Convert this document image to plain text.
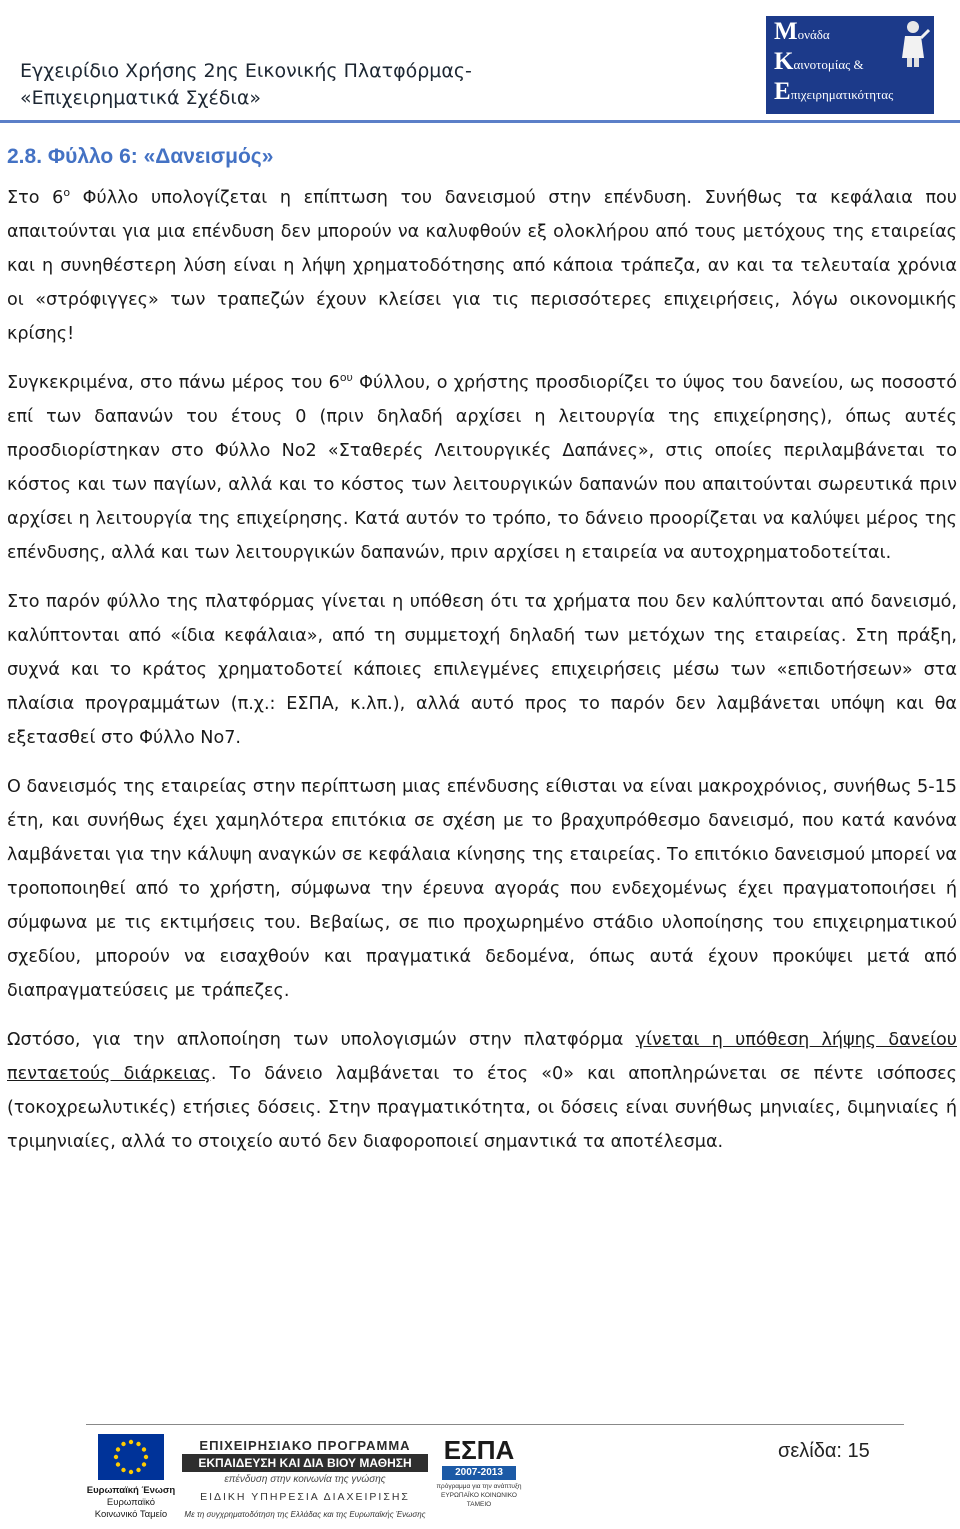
Εγχειρίδιο Χρήσης 2ης Εικονικής Πλατφόρμας-
«Επιχειρηματικά Σχέδια»
Mονάδα
Kαινοτομίας &
Eπιχειρηματικότητας
2.8. Φύλλο 6: «Δανεισμός»

Στο $6^o$ Φύλλο υπολογίζεται η επίπτωση του δανεισμού στην επένδυση. Συνήθως τα κεφάλαια που απαιτούνται για μια επένδυση δεν μπορούν να καλυφθούν εξ ολοκλήρου από τους μετόχους της εταιρείας και η συνηθέστερη λύση είναι η λήψη χρηματοδότησης από κάποια τράπεζα, αν και τα τελευταία χρόνια οι «στρόφιγγες» των τραπεζών έχουν κλείσει για τις περισσότερες επιχειρήσεις, λόγω οικονομικής κρίσης!

Συγκεκριμένα, στο πάνω μέρος του $6^{o\upsilon}$ Φύλλου, ο χρήστης προσδιορίζει το ύψος του δανείου, ως ποσοστό επί των δαπανών του έτους 0 (πριν δηλαδή αρχίσει η λειτουργία της επιχείρησης), όπως αυτές προσδιορίστηκαν στο Φύλλο Νο2 «Σταθερές Λειτουργικές Δαπάνες», στις οποίες περιλαμβάνεται το κόστος και των παγίων, αλλά και το κόστος των λειτουργικών δαπανών που απαιτούνται σωρευτικά πριν αρχίσει η λειτουργία της επιχείρησης. Κατά αυτόν το τρόπο, το δάνειο προορίζεται να καλύψει μέρος της επένδυσης, αλλά και των λειτουργικών δαπανών, πριν αρχίσει η εταιρεία να αυτοχρηματοδοτείται.

Στο παρόν φύλλο της πλατφόρμας γίνεται η υπόθεση ότι τα χρήματα που δεν καλύπτονται από δανεισμό, καλύπτονται από «ίδια κεφάλαια», από τη συμμετοχή δηλαδή των μετόχων της εταιρείας. Στη πράξη, συχνά και το κράτος χρηματοδοτεί κάποιες επιλεγμένες επιχειρήσεις μέσω των «επιδοτήσεων» στα πλαίσια προγραμμάτων (π.χ.: ΕΣΠΑ, κ.λπ.), αλλά αυτό προς το παρόν δεν λαμβάνεται υπόψη και θα εξετασθεί στο Φύλλο Νο7.

Ο δανεισμός της εταιρείας στην περίπτωση μιας επένδυσης είθισται να είναι μακροχρόνιος, συνήθως 5-15 έτη, και συνήθως έχει χαμηλότερα επιτόκια σε σχέση με το βραχυπρόθεσμο δανεισμό, που κατά κανόνα λαμβάνεται για την κάλυψη αναγκών σε κεφάλαια κίνησης της εταιρείας. Το επιτόκιο δανεισμού μπορεί να τροποποιηθεί από το χρήστη, σύμφωνα την έρευνα αγοράς που ενδεχομένως έχει πραγματοποιήσει ή σύμφωνα με τις εκτιμήσεις του. Βεβαίως, σε πιο προχωρημένο στάδιο υλοποίησης του επιχειρηματικού σχεδίου, μπορούν να εισαχθούν και πραγματικά δεδομένα, όπως αυτά έχουν προκύψει μετά από διαπραγματεύσεις με τράπεζες.

Ωστόσο, για την απλοποίηση των υπολογισμών στην πλατφόρμα γίνεται η υπόθεση λήψης δανείου πενταετούς διάρκειας. Το δάνειο λαμβάνεται το έτος «0» και αποπληρώνεται σε πέντε ισόποσες (τοκοχρεωλυτικές) ετήσιες δόσεις. Στην πραγματικότητα, οι δόσεις είναι συνήθως μηνιαίες, διμηνιαίες ή τριμηνιαίες, αλλά το στοιχείο αυτό δεν διαφοροποιεί σημαντικά τα αποτέλεσμα.

Ευρωπαϊκή Ένωση
Ευρωπαϊκό Κοινωνικό Ταμείο
ΕΠΙΧΕΙΡΗΣΙΑΚΟ ΠΡΟΓΡΑΜΜΑ
ΕΚΠΑΙΔΕΥΣΗ ΚΑΙ ΔΙΑ ΒΙΟΥ ΜΑΘΗΣΗ
επένδυση στην κοινωνία της γνώσης
ΕΙΔΙΚΗ ΥΠΗΡΕΣΙΑ ΔΙΑΧΕΙΡΙΣΗΣ
Με τη συγχρηματοδότηση της Ελλάδας και της Ευρωπαϊκής Ένωσης
ΕΣΠΑ
2007-2013
πρόγραμμα για την ανάπτυξη
ΕΥΡΩΠΑΪΚΟ ΚΟΙΝΩΝΙΚΟ ΤΑΜΕΙΟ
σελίδα: 15
